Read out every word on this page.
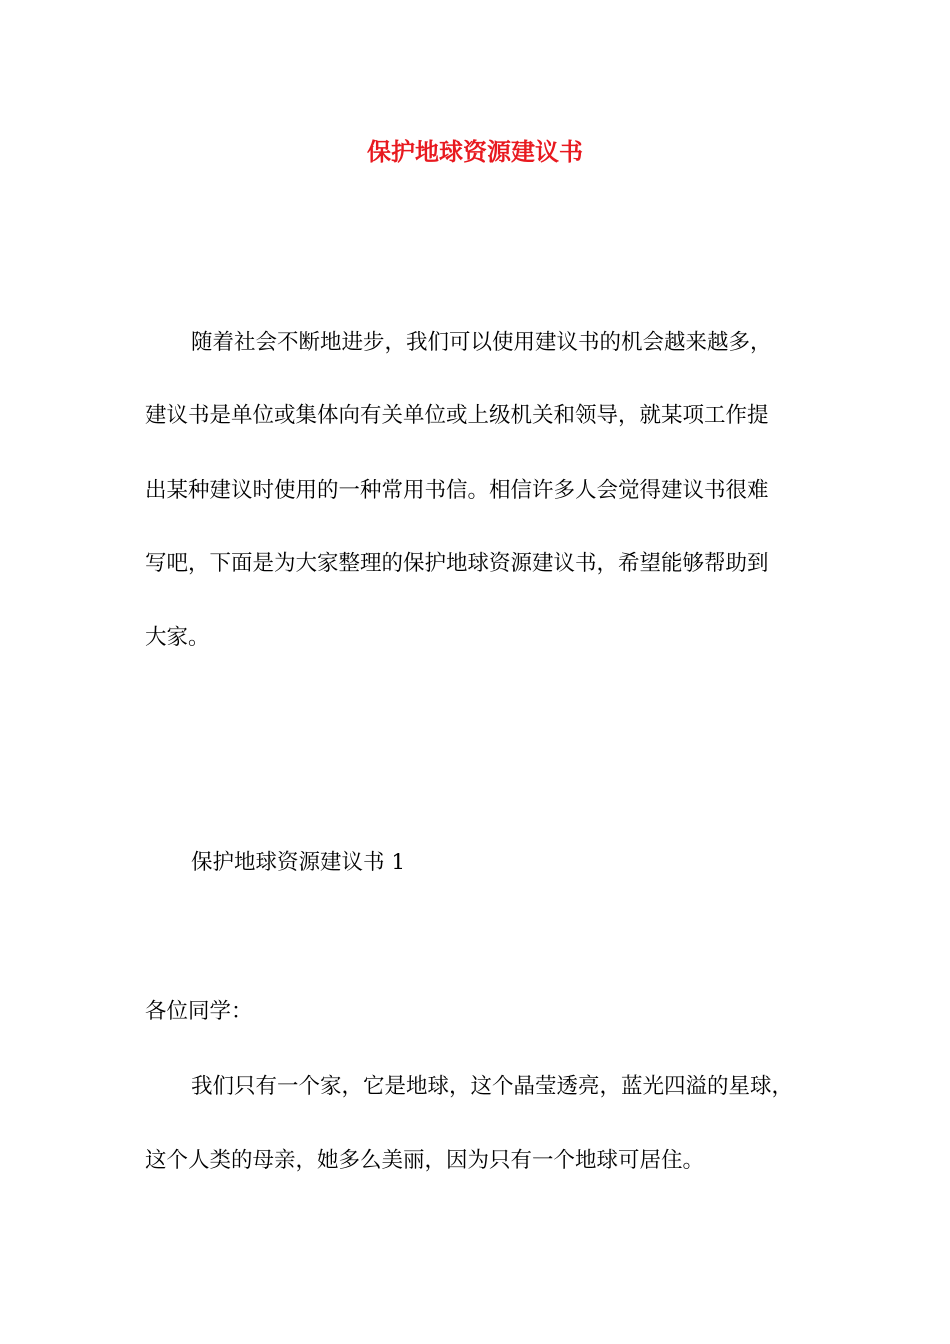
保护地球资源建议书
随着社会不断地进步，我们可以使用建议书的机会越来越多，
建议书是单位或集体向有关单位或上级机关和领导，就某项工作提
出某种建议时使用的一种常用书信。相信许多人会觉得建议书很难
写吧，下面是为大家整理的保护地球资源建议书，希望能够帮助到
大家。
保护地球资源建议书 1
各位同学：
我们只有一个家，它是地球，这个晶莹透亮，蓝光四溢的星球，
这个人类的母亲，她多么美丽，因为只有一个地球可居住。
